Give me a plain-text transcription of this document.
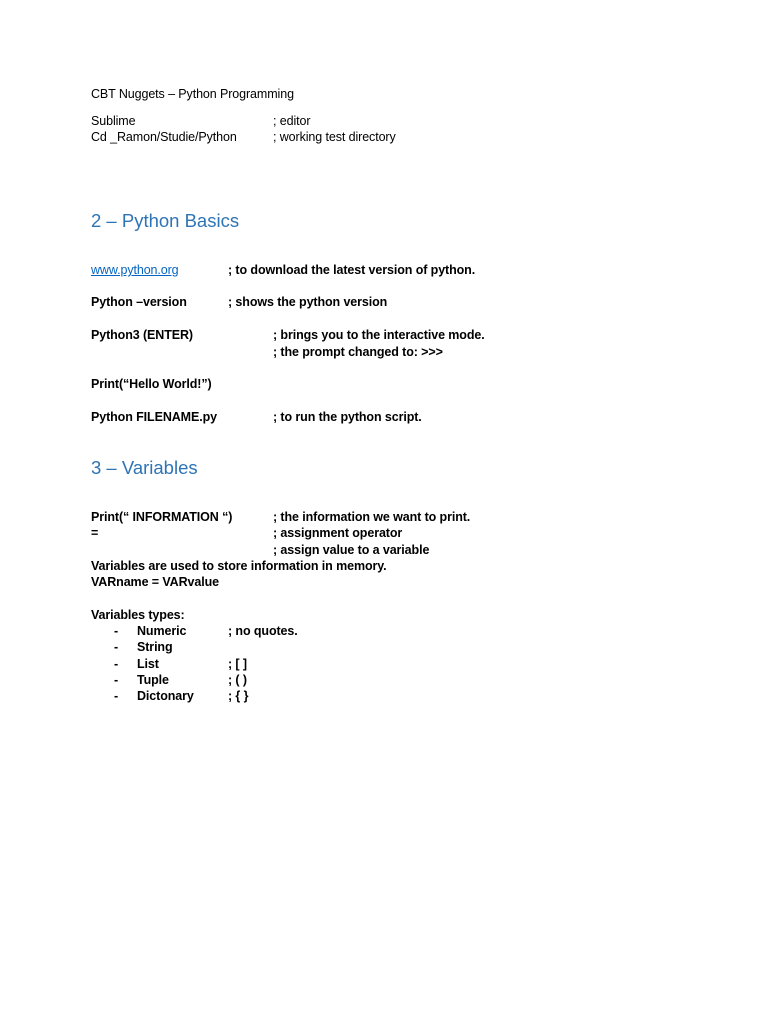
CBT Nuggets – Python Programming
Sublime	; editor
Cd _Ramon/Studie/Python	; working test directory
2 – Python Basics
www.python.org	; to download the latest version of python.
Python –version	; shows the python version
Python3 (ENTER)	; brings you to the interactive mode.
; the prompt changed to: >>>
Print(“Hello World!”)
Python FILENAME.py	; to run the python script.
3 – Variables
Print(“ INFORMATION “)	; the information we want to print.
=	; assignment operator
; assign value to a variable
Variables are used to store information in memory.
VARname = VARvalue
Variables types:
- Numeric	; no quotes.
- String
- List	; [ ]
- Tuple	; ( )
- Dictonary	; { }
